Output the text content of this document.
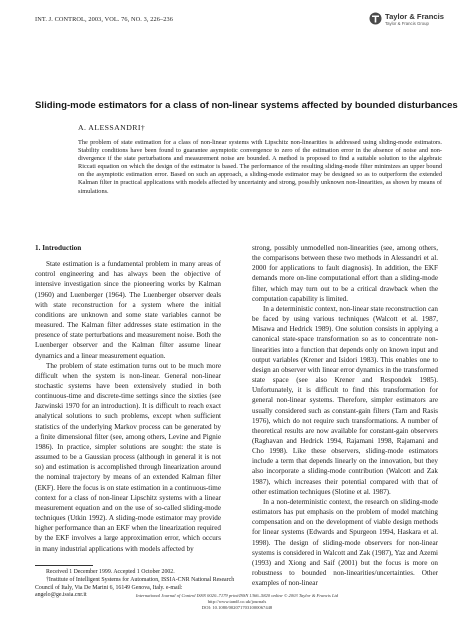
INT. J. CONTROL, 2003, VOL. 76, NO. 3, 226–236	Taylor & Francis
Taylor & Francis Group
Sliding-mode estimators for a class of non-linear systems affected by bounded disturbances
A. ALESSANDRI†
The problem of state estimation for a class of non-linear systems with Lipschitz non-linearities is addressed using sliding-mode estimators. Stability conditions have been found to guarantee asymptotic convergence to zero of the estimation error in the absence of noise and non-divergence if the state perturbations and measurement noise are bounded. A method is proposed to find a suitable solution to the algebraic Riccati equation on which the design of the estimator is based. The performance of the resulting sliding-mode filter minimizes an upper bound on the asymptotic estimation error. Based on such an approach, a sliding-mode estimator may be designed so as to outperform the extended Kalman filter in practical applications with models affected by uncertainty and strong, possibly unknown non-linearities, as shown by means of simulations.
1. Introduction

State estimation is a fundamental problem in many areas of control engineering and has always been the objective of intensive investigation since the pioneering works by Kalman (1960) and Luenberger (1964). The Luenberger observer deals with state reconstruction for a system where the initial conditions are unknown and some state variables cannot be measured. The Kalman filter addresses state estimation in the presence of state perturbations and measurement noise. Both the Luenberger observer and the Kalman filter assume linear dynamics and a linear measurement equation.

The problem of state estimation turns out to be much more difficult when the system is non-linear. General non-linear stochastic systems have been extensively studied in both continuous-time and discrete-time settings since the sixties (see Jazwinski 1970 for an introduction). It is difficult to reach exact analytical solutions to such problems, except when sufficient statistics of the underlying Markov process can be generated by a finite dimensional filter (see, among others, Levine and Pignie 1986). In practice, simpler solutions are sought: the state is assumed to be a Gaussian process (although in general it is not so) and estimation is accomplished through linearization around the nominal trajectory by means of an extended Kalman filter (EKF). Here the focus is on state estimation in a continuous-time context for a class of non-linear Lipschitz systems with a linear measurement equation and on the use of so-called sliding-mode techniques (Utkin 1992). A sliding-mode estimator may provide higher performance than an EKF when the linearization required by the EKF involves a large approximation error, which occurs in many industrial applications with models affected by

strong, possibly unmodelled non-linearities (see, among others, the comparisons between these two methods in Alessandri et al. 2000 for applications to fault diagnosis). In addition, the EKF demands more on-line computational effort than a sliding-mode filter, which may turn out to be a critical drawback when the computation capability is limited.

In a deterministic context, non-linear state reconstruction can be faced by using various techniques (Walcott et al. 1987, Misawa and Hedrick 1989). One solution consists in applying a canonical state-space transformation so as to concentrate non-linearities into a function that depends only on known input and output variables (Krener and Isidori 1983). This enables one to design an observer with linear error dynamics in the transformed state space (see also Krener and Respondek 1985). Unfortunately, it is difficult to find this transformation for general non-linear systems. Therefore, simpler estimators are usually considered such as constant-gain filters (Tarn and Rasis 1976), which do not require such transformations. A number of theoretical results are now available for constant-gain observers (Raghavan and Hedrick 1994, Rajamani 1998, Rajamani and Cho 1998). Like these observers, sliding-mode estimators include a term that depends linearly on the innovation, but they also incorporate a sliding-mode contribution (Walcott and Zak 1987), which increases their potential compared with that of other estimation techniques (Slotine et al. 1987).

In a non-deterministic context, the research on sliding-mode estimators has put emphasis on the problem of model matching compensation and on the development of viable design methods for linear systems (Edwards and Spurgeon 1994, Haskara et al. 1998). The design of sliding-mode observers for non-linear systems is considered in Walcott and Zak (1987), Yaz and Azemi (1993) and Xiong and Saif (2001) but the focus is more on robustness to bounded non-linearities/uncertainties. Other examples of non-linear

Received 1 December 1999. Accepted 1 October 2002.

†Institute of Intelligent Systems for Automation, ISSIA-CNR National Research Council of Italy, Via De Marini 6, 16149 Genova, Italy. e-mail: angelo@ge.issia.cnr.it	International Journal of Control ISSN 0020–7179 print/ISSN 1366–5820 online © 2003 Taylor & Francis Ltd
http://www.tandf.co.uk/journals
DOI: 10.1080/0020717031000067448
